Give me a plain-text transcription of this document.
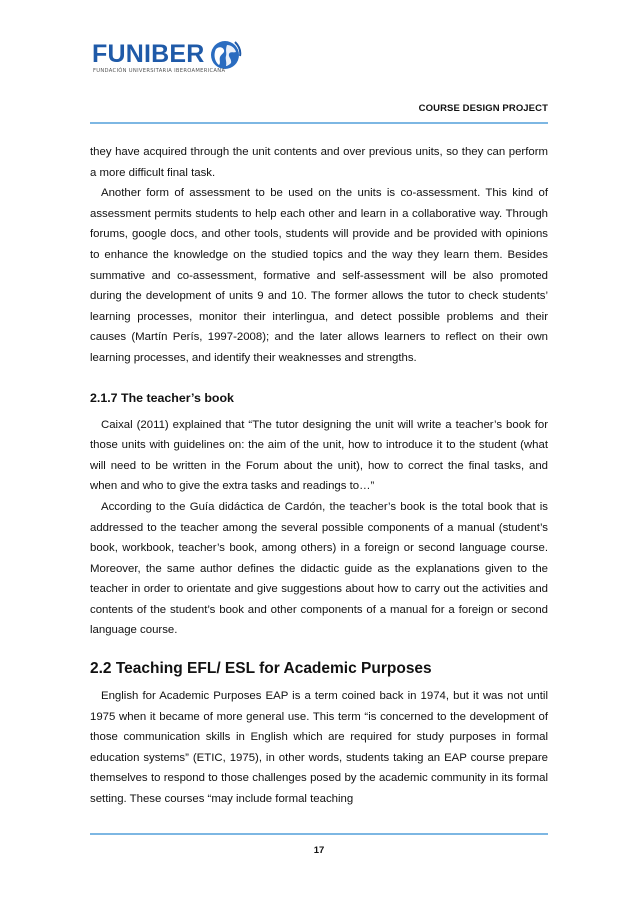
FUNIBER
FUNDACIÓN UNIVERSITARIA IBEROAMERICANA
COURSE DESIGN PROJECT

they have acquired through the unit contents and over previous units, so they can perform a more difficult final task.

Another form of assessment to be used on the units is co-assessment. This kind of assessment permits students to help each other and learn in a collaborative way. Through forums, google docs, and other tools, students will provide and be provided with opinions to enhance the knowledge on the studied topics and the way they learn them. Besides summative and co-assessment, formative and self-assessment will be also promoted during the development of units 9 and 10. The former allows the tutor to check students’ learning processes, monitor their interlingua, and detect possible problems and their causes (Martín Perís, 1997-2008); and the later allows learners to reflect on their own learning processes, and identify their weaknesses and strengths.

2.1.7 The teacher’s book

Caixal (2011) explained that “The tutor designing the unit will write a teacher’s book for those units with guidelines on: the aim of the unit, how to introduce it to the student (what will need to be written in the Forum about the unit), how to correct the final tasks, and when and who to give the extra tasks and readings to…”

According to the Guía didáctica de Cardón, the teacher’s book is the total book that is addressed to the teacher among the several possible components of a manual (student’s book, workbook, teacher’s book, among others) in a foreign or second language course. Moreover, the same author defines the didactic guide as the explanations given to the teacher in order to orientate and give suggestions about how to carry out the activities and contents of the student’s book and other components of a manual for a foreign or second language course.

2.2 Teaching EFL/ ESL for Academic Purposes

English for Academic Purposes EAP is a term coined back in 1974, but it was not until 1975 when it became of more general use. This term “is concerned to the development of those communication skills in English which are required for study purposes in formal education systems” (ETIC, 1975), in other words, students taking an EAP course prepare themselves to respond to those challenges posed by the academic community in its formal setting. These courses “may include formal teaching

17
